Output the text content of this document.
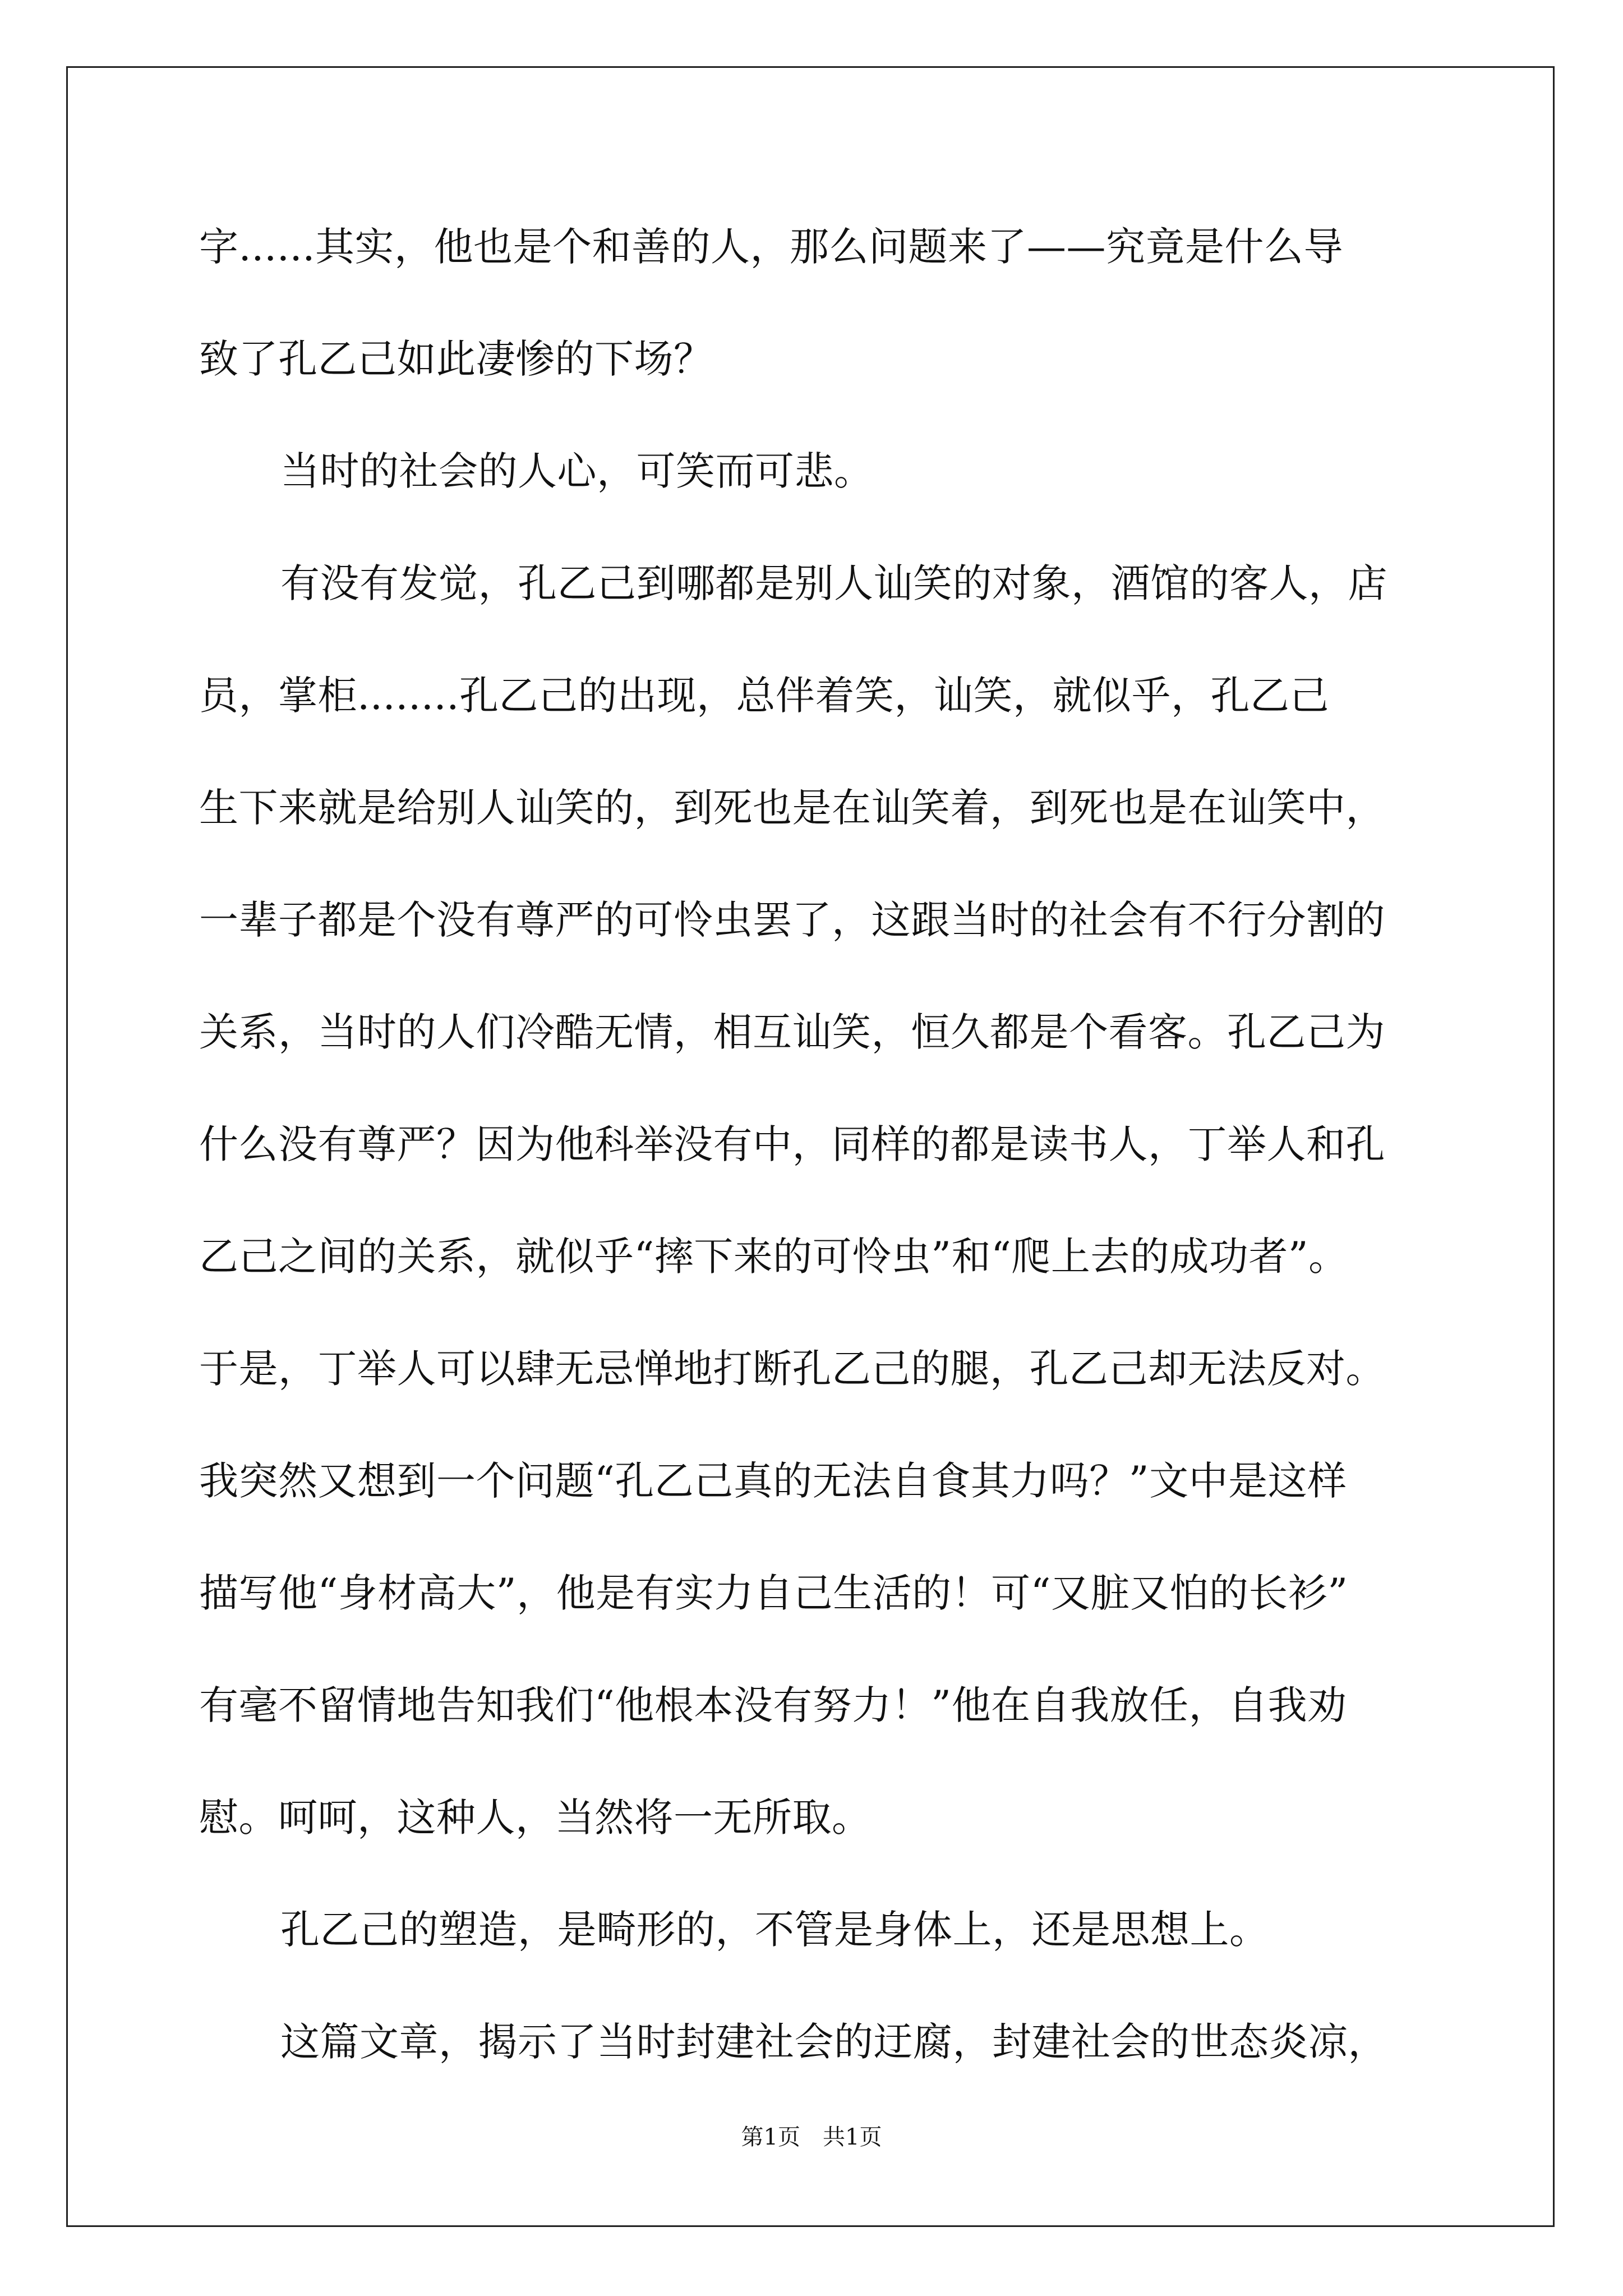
字......其实，他也是个和善的人，那么问题来了——究竟是什么导
致了孔乙己如此凄惨的下场？
当时的社会的人心，可笑而可悲。
有没有发觉，孔乙己到哪都是别人讪笑的对象，酒馆的客人，店
员，掌柜........孔乙己的出现，总伴着笑，讪笑，就似乎，孔乙己
生下来就是给别人讪笑的，到死也是在讪笑着，到死也是在讪笑中，
一辈子都是个没有尊严的可怜虫罢了，这跟当时的社会有不行分割的
关系，当时的人们冷酷无情，相互讪笑，恒久都是个看客。孔乙己为
什么没有尊严？因为他科举没有中，同样的都是读书人，丁举人和孔
乙己之间的关系，就似乎“摔下来的可怜虫”和“爬上去的成功者”。
于是，丁举人可以肆无忌惮地打断孔乙己的腿，孔乙己却无法反对。
我突然又想到一个问题“孔乙己真的无法自食其力吗？”文中是这样
描写他“身材高大”，他是有实力自己生活的！可“又脏又怕的长衫”
有毫不留情地告知我们“他根本没有努力！”他在自我放任，自我劝
慰。呵呵，这种人，当然将一无所取。
孔乙己的塑造，是畸形的，不管是身体上，还是思想上。
这篇文章，揭示了当时封建社会的迂腐，封建社会的世态炎凉，
第1页　共1页
